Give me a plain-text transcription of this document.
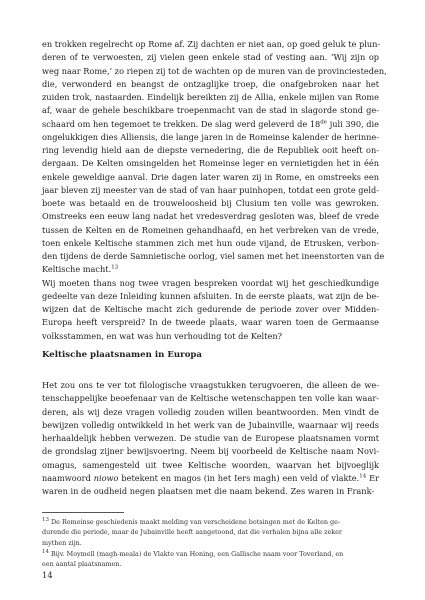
en trokken regelrecht op Rome af. Zij dachten er niet aan, op goed geluk te plun-
deren of te verwoesten, zij vielen geen enkele stad of vesting aan. ‘Wij zijn op
weg naar Rome,’ zo riepen zij tot de wachten op de muren van de provinciesteden,
die, verwonderd en beangst de ontzaglijke troep, die onafgebroken naar het
zuiden trok, nastaarden. Eindelijk bereikten zij de Allia, enkele mijlen van Rome
af, waar de gehele beschikbare troepenmacht van de stad in slagorde stond ge-
schaard om hen tegemoet te trekken. De slag werd geleverd de 18de juli 390, die
ongelukkigen dies Alliensis, die lange jaren in de Romeinse kalender de herinne-
ring levendig hield aan de diepste vernedering, die de Republiek ooit heeft on-
dergaan. De Kelten omsingelden het Romeinse leger en vernietigden het in één
enkele geweldige aanval. Drie dagen later waren zij in Rome, en omstreeks een
jaar bleven zij meester van de stad of van haar puinhopen, totdat een grote geld-
boete was betaald en de trouweloosheid bij Clusium ten volle was gewroken.
Omstreeks een eeuw lang nadat het vredesverdrag gesloten was, bleef de vrede
tussen de Kelten en de Romeinen gehandhaafd, en het verbreken van de vrede,
toen enkele Keltische stammen zich met hun oude vijand, de Etrusken, verbon-
den tijdens de derde Samnietische oorlog, viel samen met het ineenstorten van de
Keltische macht.$^{13}$

Wij moeten thans nog twee vragen bespreken voordat wij het geschiedkundige
gedeelte van deze Inleiding kunnen afsluiten. In de eerste plaats, wat zijn de be-
wijzen dat de Keltische macht zich gedurende de periode zover over Midden-
Europa heeft verspreid? In de tweede plaats, waar waren toen de Germaanse
volksstammen, en wat was hun verhouding tot de Kelten?

Keltische plaatsnamen in Europa

Het zou ons te ver tot filologische vraagstukken terugvoeren, die alleen de we-
tenschappelijke beoefenaar van de Keltische wetenschappen ten volle kan waar-
deren, als wij deze vragen volledig zouden willen beantwoorden. Men vindt de
bewijzen volledig ontwikkeld in het werk van de Jubainville, waarnaar wij reeds
herhaaldelijk hebben verwezen. De studie van de Europese plaatsnamen vormt
de grondslag zijner bewijsvoering. Neem bij voorbeeld de Keltische naam Novi-
omagus, samengesteld uit twee Keltische woorden, waarvan het bijvoeglijk
naamwoord niowo betekent en magos (in het Iers magh) een veld of vlakte.$^{14}$ Er
waren in de oudheid negen plaatsen met die naam bekend. Zes waren in Frank-

$^{13}$ De Romeinse geschiedenis maakt melding van verscheidene botsingen met de Kelten ge-
durende die periode, maar de Jubainville heeft aangetoond, dat die verhalen bijna alle zeker
mythen zijn.

$^{14}$ Bijv. Moymell (magh-meala) de Vlakte van Honing, een Gallische naam voor Toverland, en
een aantal plaatsnamen.

14
